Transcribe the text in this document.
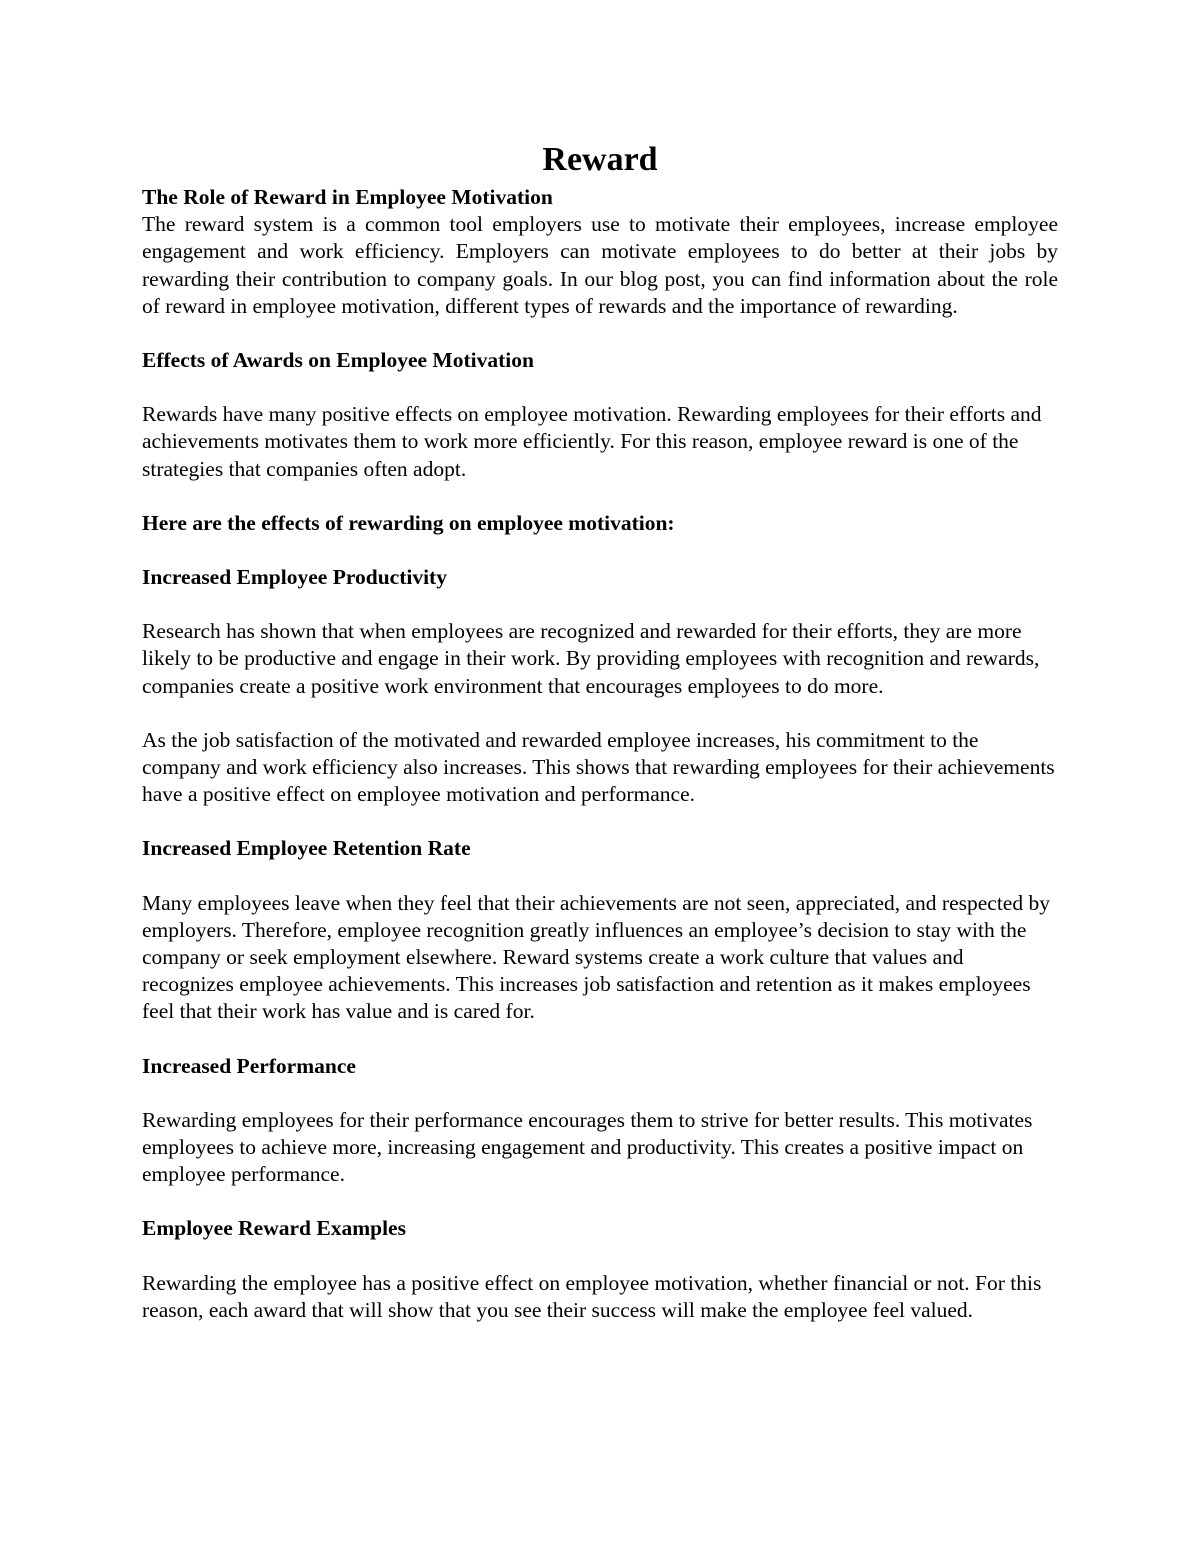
Reward

The Role of Reward in Employee Motivation

The reward system is a common tool employers use to motivate their employees, increase employee engagement and work efficiency. Employers can motivate employees to do better at their jobs by rewarding their contribution to company goals. In our blog post, you can find information about the role of reward in employee motivation, different types of rewards and the importance of rewarding.

Effects of Awards on Employee Motivation

Rewards have many positive effects on employee motivation. Rewarding employees for their efforts and achievements motivates them to work more efficiently. For this reason, employee reward is one of the strategies that companies often adopt.

Here are the effects of rewarding on employee motivation:

Increased Employee Productivity

Research has shown that when employees are recognized and rewarded for their efforts, they are more likely to be productive and engage in their work. By providing employees with recognition and rewards, companies create a positive work environment that encourages employees to do more.

As the job satisfaction of the motivated and rewarded employee increases, his commitment to the company and work efficiency also increases. This shows that rewarding employees for their achievements have a positive effect on employee motivation and performance.

Increased Employee Retention Rate

Many employees leave when they feel that their achievements are not seen, appreciated, and respected by employers. Therefore, employee recognition greatly influences an employee’s decision to stay with the company or seek employment elsewhere. Reward systems create a work culture that values and recognizes employee achievements. This increases job satisfaction and retention as it makes employees feel that their work has value and is cared for.

Increased Performance

Rewarding employees for their performance encourages them to strive for better results. This motivates employees to achieve more, increasing engagement and productivity. This creates a positive impact on employee performance.

Employee Reward Examples

Rewarding the employee has a positive effect on employee motivation, whether financial or not. For this reason, each award that will show that you see their success will make the employee feel valued.
